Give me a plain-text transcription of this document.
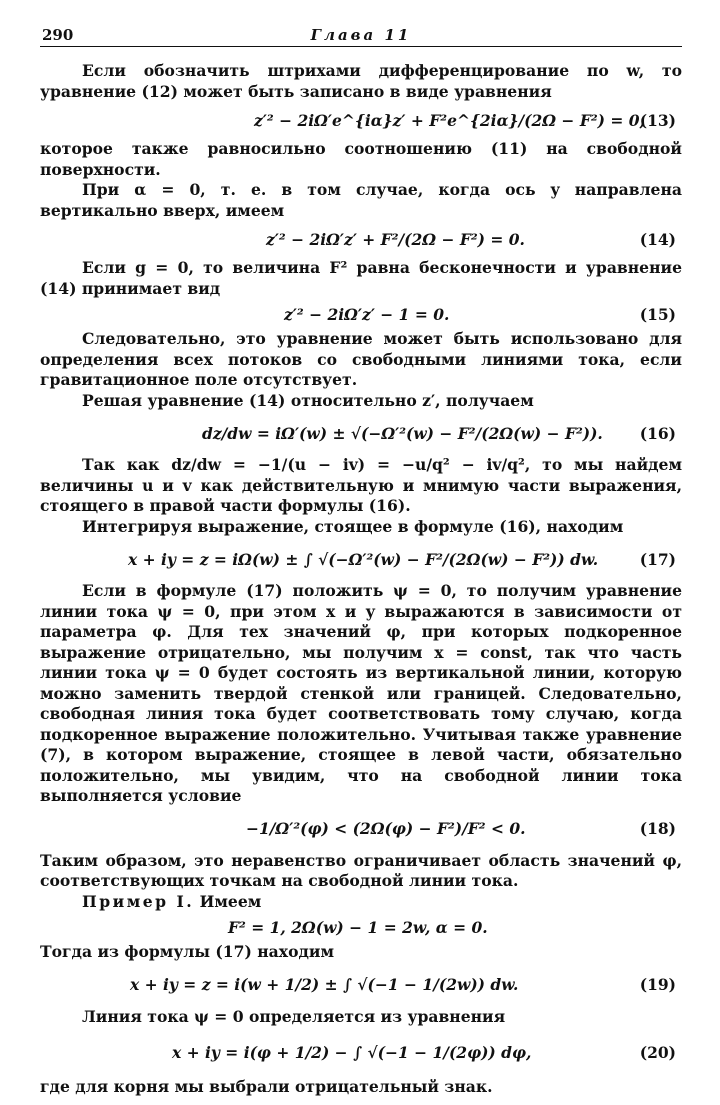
290	Глава 11

Если обозначить штрихами дифференцирование по w, то уравнение (12) может быть записано в виде уравнения

z′² − 2iΩ′e^{iα}z′ + F²e^{2iα}/(2Ω − F²) = 0,
(13)

которое также равносильно соотношению (11) на свободной поверхности.

При α = 0, т. е. в том случае, когда ось y направлена вертикально вверх, имеем

z′² − 2iΩ′z′ + F²/(2Ω − F²) = 0.	(14)

Если g = 0, то величина F² равна бесконечности и уравнение (14) принимает вид

z′² − 2iΩ′z′ − 1 = 0.	(15)

Следовательно, это уравнение может быть использовано для определения всех потоков со свободными линиями тока, если гравитационное поле отсутствует.

Решая уравнение (14) относительно z′, получаем

dz/dw = iΩ′(w) ± √(−Ω′²(w) − F²/(2Ω(w) − F²)). (16)

Так как dz/dw = −1/(u − iv) = −u/q² − iv/q², то мы найдем величины u и v как действительную и мнимую части выражения, стоящего в правой части формулы (16).

Интегрируя выражение, стоящее в формуле (16), находим

x + iy = z = iΩ(w) ± ∫ √(−Ω′²(w) − F²/(2Ω(w) − F²)) dw.	(17)

Если в формуле (17) положить ψ = 0, то получим уравнение линии тока ψ = 0, при этом x и y выражаются в зависимости от параметра φ. Для тех значений φ, при которых подкоренное выражение отрицательно, мы получим x = const, так что часть линии тока ψ = 0 будет состоять из вертикальной линии, которую можно заменить твердой стенкой или границей. Следовательно, свободная линия тока будет соответствовать тому случаю, когда подкоренное выражение положительно. Учитывая также уравнение (7), в котором выражение, стоящее в левой части, обязательно положительно, мы увидим, что на свободной линии тока выполняется условие

−1/Ω′²(φ) < (2Ω(φ) − F²)/F² < 0.	(18)

Таким образом, это неравенство ограничивает область значений φ, соответствующих точкам на свободной линии тока.

Пример I. Имеем

F² = 1, 2Ω(w) − 1 = 2w, α = 0.

Тогда из формулы (17) находим

x + iy = z = i(w + 1/2) ± ∫ √(−1 − 1/(2w)) dw.	(19)

Линия тока ψ = 0 определяется из уравнения

x + iy = i(φ + 1/2) − ∫ √(−1 − 1/(2φ)) dφ,	(20)

где для корня мы выбрали отрицательный знак.
